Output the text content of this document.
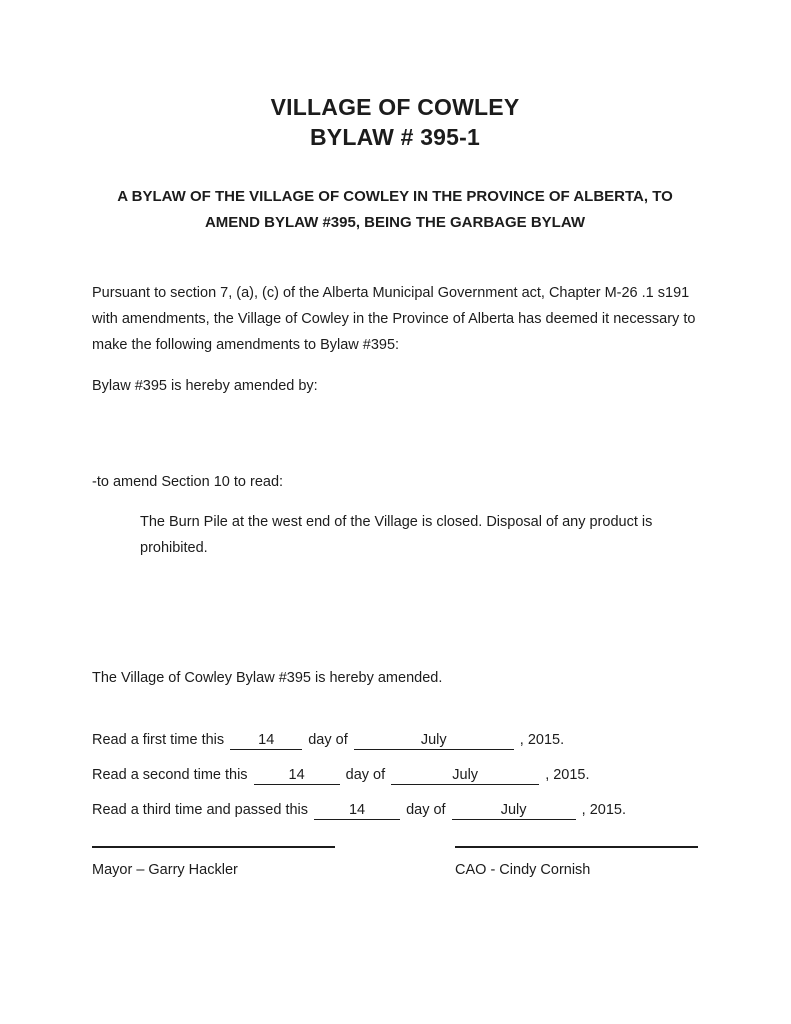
VILLAGE OF COWLEY
BYLAW # 395-1
A BYLAW OF THE VILLAGE OF COWLEY IN THE PROVINCE OF ALBERTA, TO AMEND BYLAW #395, BEING THE GARBAGE BYLAW

Pursuant to section 7, (a), (c) of the Alberta Municipal Government act, Chapter M-26 .1 s191 with amendments, the Village of Cowley in the Province of Alberta has deemed it necessary to make the following amendments to Bylaw #395:

Bylaw #395 is hereby amended by:

-to amend Section 10 to read:

The Burn Pile at the west end of the Village is closed. Disposal of any product is prohibited.

The Village of Cowley Bylaw #395 is hereby amended.

Read a first time this 14 day of	July	, 2015.
Read a second time this	14	day of	July	, 2015.
Read a third time and passed this	14	day of	July	, 2015.
Mayor – Garry Hackler	CAO - Cindy Cornish
